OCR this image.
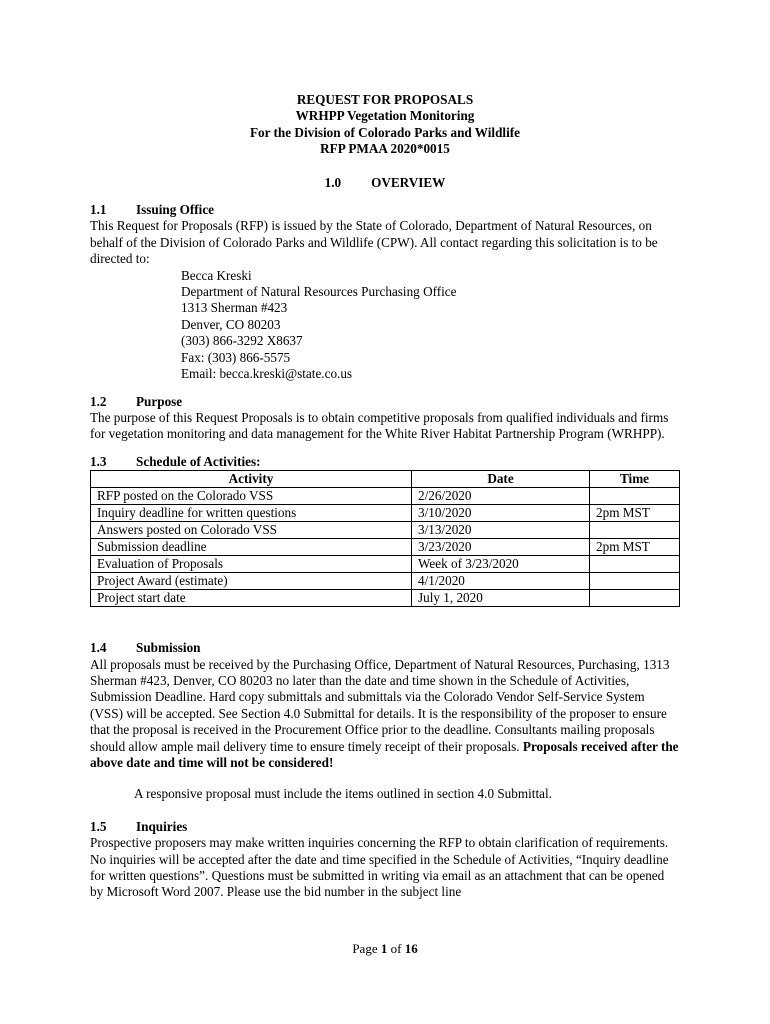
REQUEST FOR PROPOSALS
WRHPP Vegetation Monitoring
For the Division of Colorado Parks and Wildlife
RFP PMAA 2020*0015
1.0 OVERVIEW
1.1 Issuing Office

This Request for Proposals (RFP) is issued by the State of Colorado, Department of Natural Resources, on behalf of the Division of Colorado Parks and Wildlife (CPW). All contact regarding this solicitation is to be directed to:

Becca Kreski
Department of Natural Resources Purchasing Office
1313 Sherman #423
Denver, CO 80203
(303) 866-3292 X8637
Fax: (303) 866-5575
Email: becca.kreski@state.co.us
1.2 Purpose

The purpose of this Request Proposals is to obtain competitive proposals from qualified individuals and firms for vegetation monitoring and data management for the White River Habitat Partnership Program (WRHPP).

1.3 Schedule of Activities:
Activity	Date	Time
RFP posted on the Colorado VSS	2/26/2020	
Inquiry deadline for written questions	3/10/2020	2pm MST
Answers posted on Colorado VSS	3/13/2020	
Submission deadline	3/23/2020	2pm MST
Evaluation of Proposals	Week of 3/23/2020	
Project Award (estimate)	4/1/2020	
Project start date	July 1, 2020	
1.4 Submission

All proposals must be received by the Purchasing Office, Department of Natural Resources, Purchasing, 1313 Sherman #423, Denver, CO 80203 no later than the date and time shown in the Schedule of Activities, Submission Deadline. Hard copy submittals and submittals via the Colorado Vendor Self-Service System (VSS) will be accepted. See Section 4.0 Submittal for details. It is the responsibility of the proposer to ensure that the proposal is received in the Procurement Office prior to the deadline. Consultants mailing proposals should allow ample mail delivery time to ensure timely receipt of their proposals. Proposals received after the above date and time will not be considered!

A responsive proposal must include the items outlined in section 4.0 Submittal.

1.5 Inquiries

Prospective proposers may make written inquiries concerning the RFP to obtain clarification of requirements. No inquiries will be accepted after the date and time specified in the Schedule of Activities, “Inquiry deadline for written questions”. Questions must be submitted in writing via email as an attachment that can be opened by Microsoft Word 2007. Please use the bid number in the subject line

Page 1 of 16
